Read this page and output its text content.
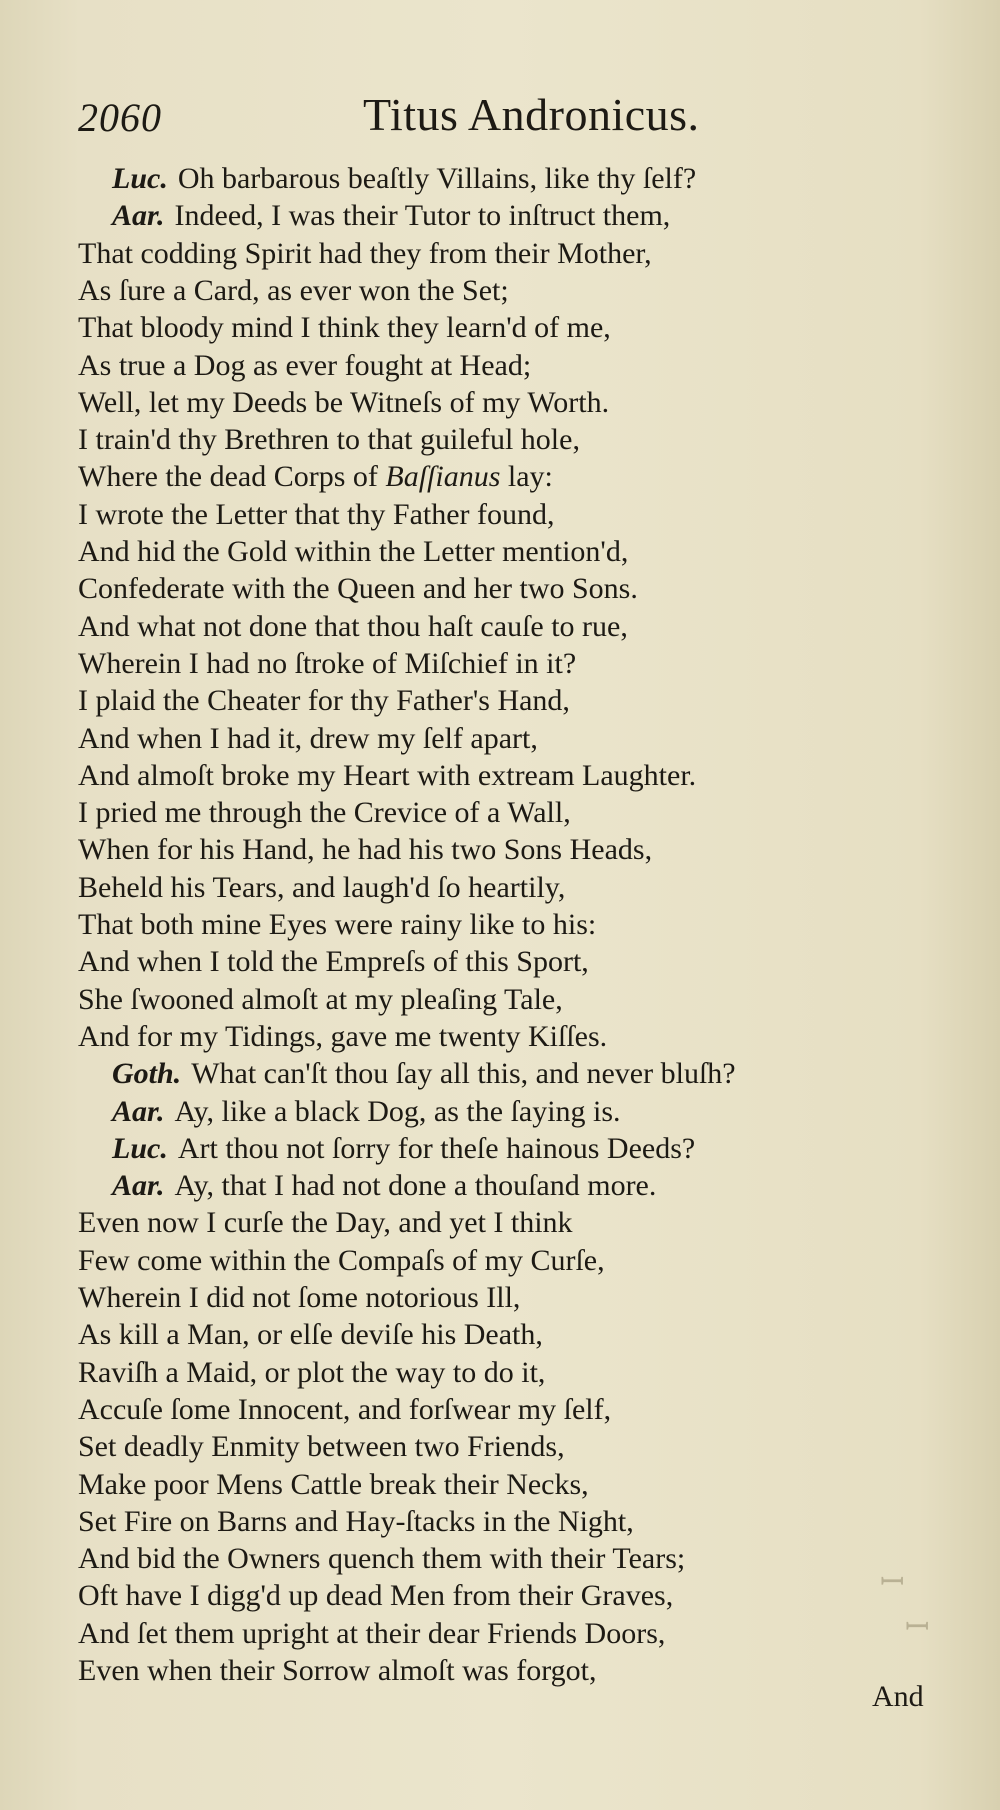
2060	Titus Andronicus.
Luc. Oh barbarous beaſtly Villains, like thy ſelf?
Aar. Indeed, I was their Tutor to inſtruct them,
That codding Spirit had they from their Mother,
As ſure a Card, as ever won the Set;
That bloody mind I think they learn'd of me,
As true a Dog as ever fought at Head;
Well, let my Deeds be Witneſs of my Worth.
I train'd thy Brethren to that guileful hole,
Where the dead Corps of Baſſianus lay:
I wrote the Letter that thy Father found,
And hid the Gold within the Letter mention'd,
Confederate with the Queen and her two Sons.
And what not done that thou haſt cauſe to rue,
Wherein I had no ſtroke of Miſchief in it?
I plaid the Cheater for thy Father's Hand,
And when I had it, drew my ſelf apart,
And almoſt broke my Heart with extream Laughter.
I pried me through the Crevice of a Wall,
When for his Hand, he had his two Sons Heads,
Beheld his Tears, and laugh'd ſo heartily,
That both mine Eyes were rainy like to his:
And when I told the Empreſs of this Sport,
She ſwooned almoſt at my pleaſing Tale,
And for my Tidings, gave me twenty Kiſſes.
Goth. What can'ſt thou ſay all this, and never bluſh?
Aar. Ay, like a black Dog, as the ſaying is.
Luc. Art thou not ſorry for theſe hainous Deeds?
Aar. Ay, that I had not done a thouſand more.
Even now I curſe the Day, and yet I think
Few come within the Compaſs of my Curſe,
Wherein I did not ſome notorious Ill,
As kill a Man, or elſe deviſe his Death,
Raviſh a Maid, or plot the way to do it,
Accuſe ſome Innocent, and forſwear my ſelf,
Set deadly Enmity between two Friends,
Make poor Mens Cattle break their Necks,
Set Fire on Barns and Hay-ſtacks in the Night,
And bid the Owners quench them with their Tears;
Oft have I digg'd up dead Men from their Graves,
And ſet them upright at their dear Friends Doors,
Even when their Sorrow almoſt was forgot,
And
ꟷ
ꟷ
